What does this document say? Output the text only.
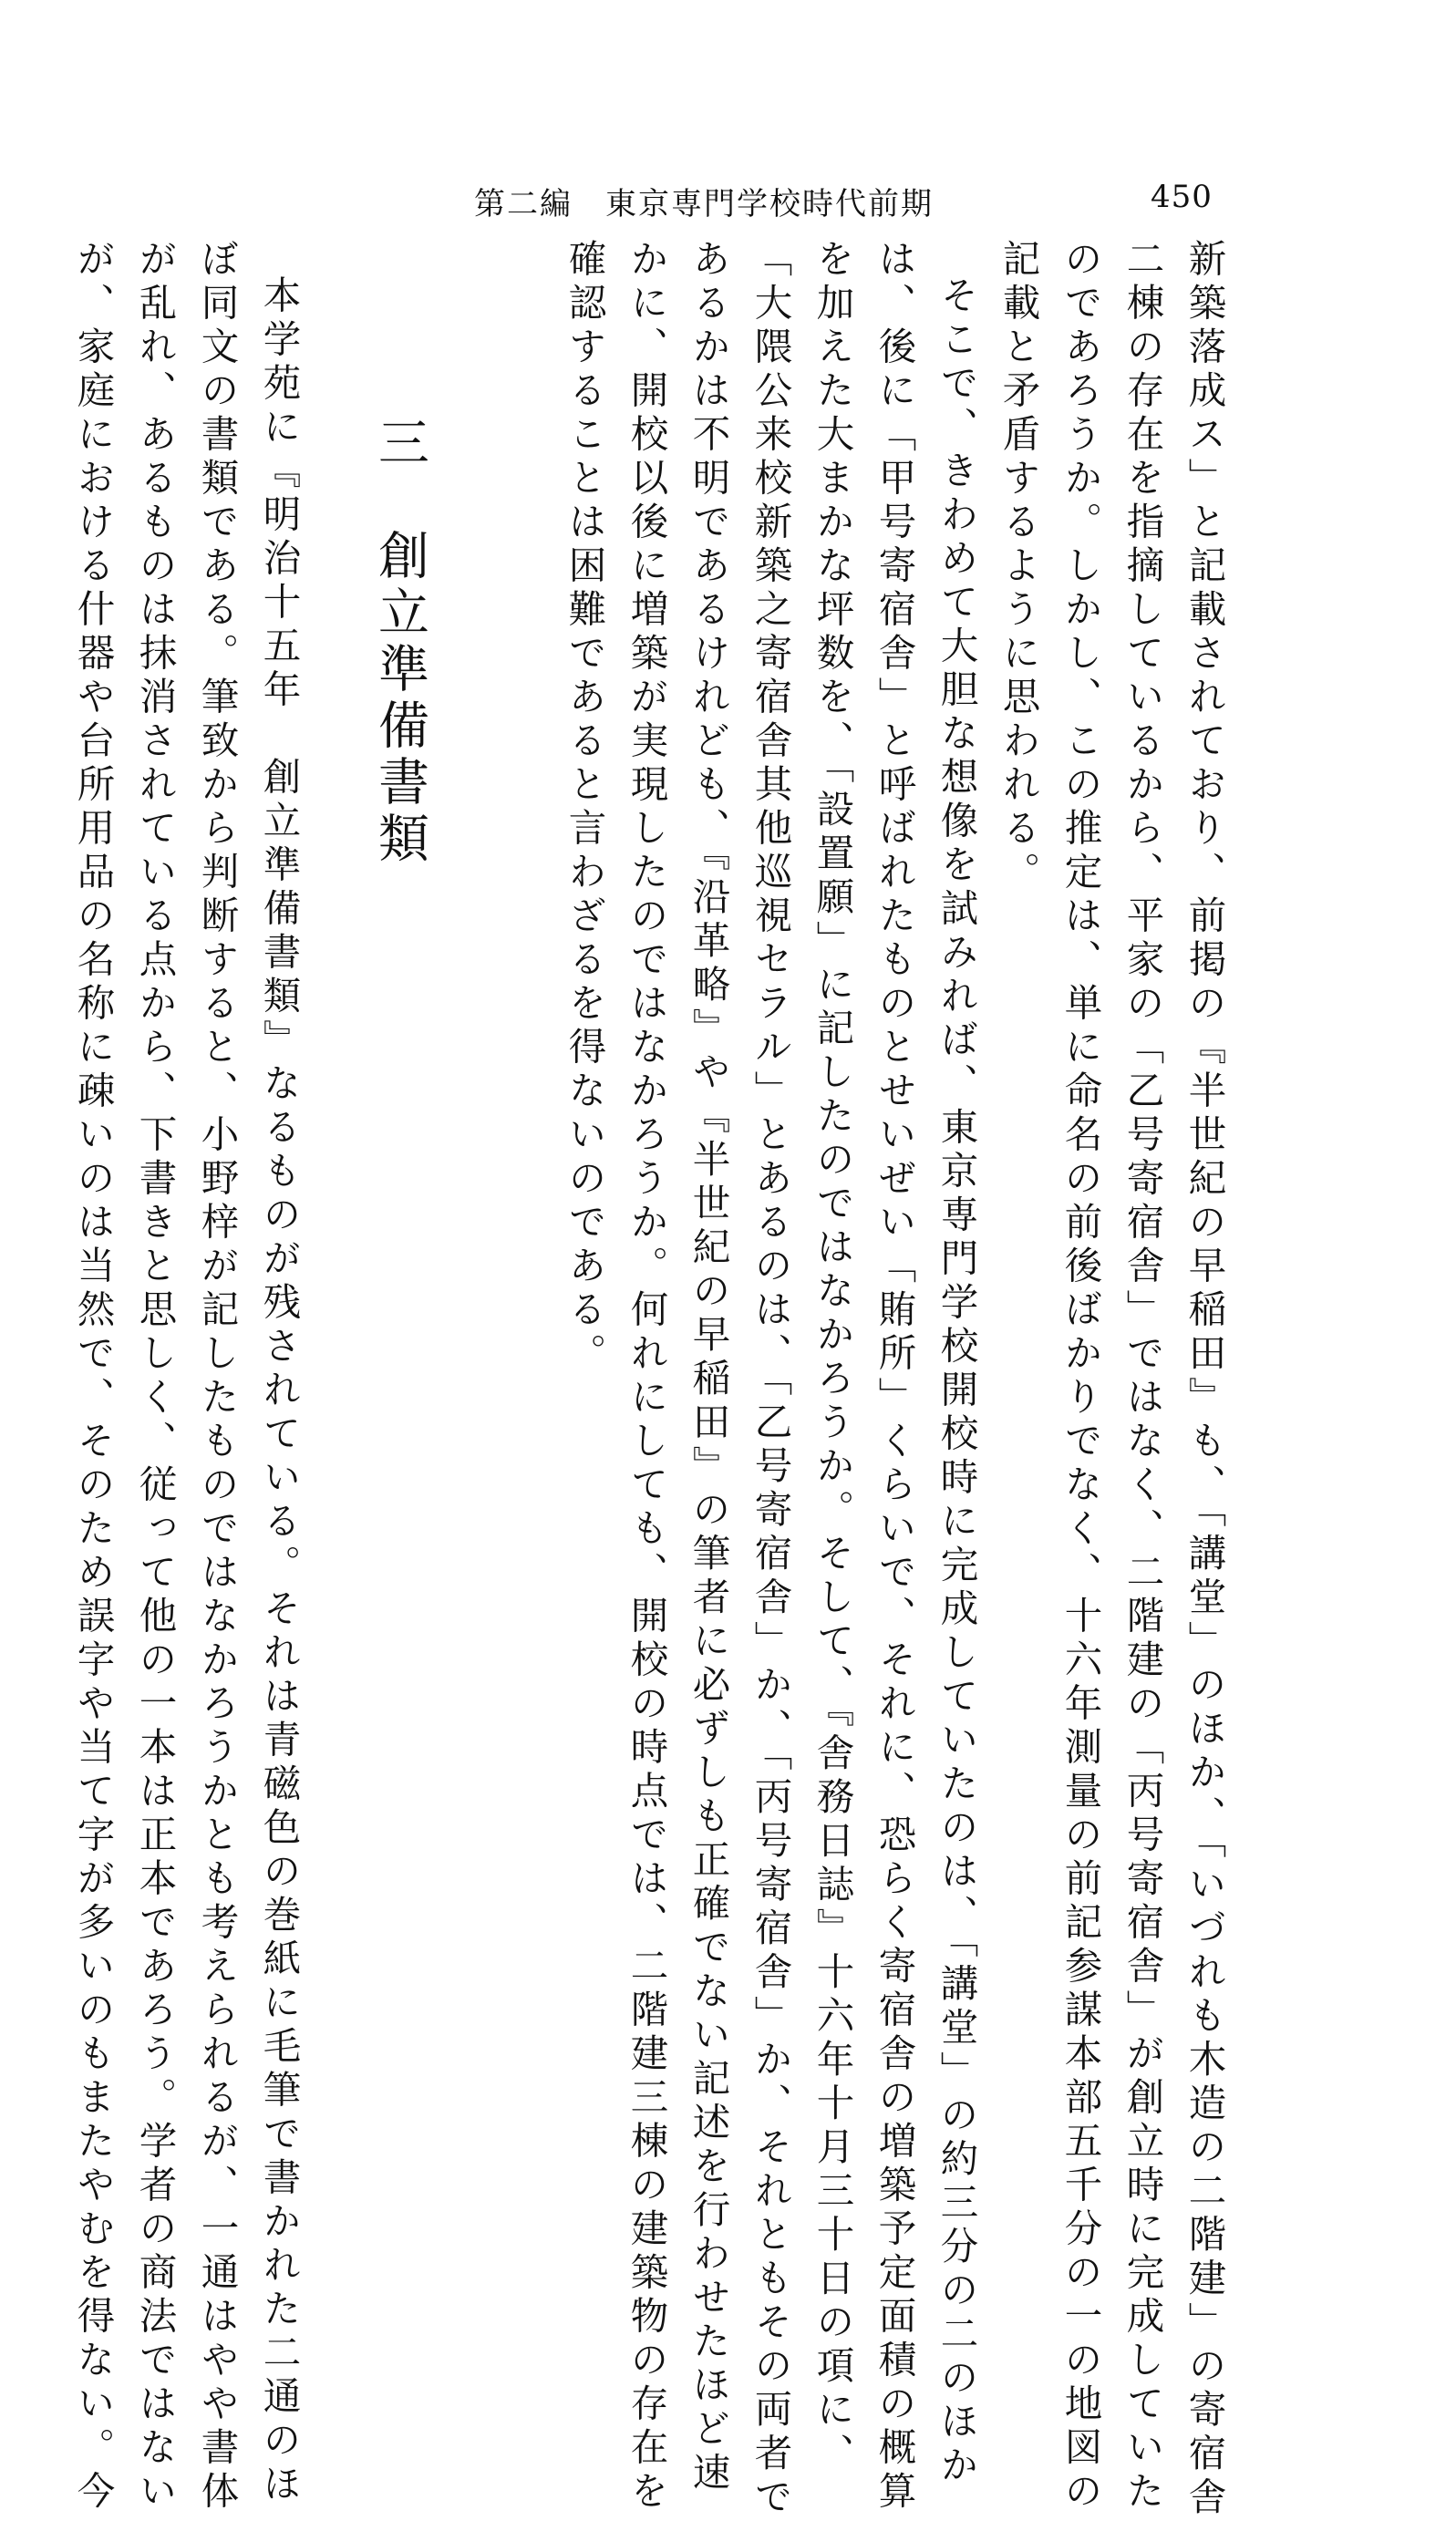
第二編　東京専門学校時代前期	450
新築落成ス」と記載されており、前掲の『半世紀の早稲田』も、「講堂」のほか、「いづれも木造の二階建」の寄宿舎
二棟の存在を指摘しているから、平家の「乙号寄宿舎」ではなく、二階建の「丙号寄宿舎」が創立時に完成していた
のであろうか。しかし、この推定は、単に命名の前後ばかりでなく、十六年測量の前記参謀本部五千分の一の地図の
記載と矛盾するように思われる。
そこで、きわめて大胆な想像を試みれば、東京専門学校開校時に完成していたのは、「講堂」の約三分の二のほか
は、後に「甲号寄宿舎」と呼ばれたものとせいぜい「賄所」くらいで、それに、恐らく寄宿舎の増築予定面積の概算
を加えた大まかな坪数を、「設置願」に記したのではなかろうか。そして、『舎務日誌』十六年十月三十日の項に、
「大隈公来校新築之寄宿舎其他巡視セラル」とあるのは、「乙号寄宿舎」か、「丙号寄宿舎」か、それともその両者で
あるかは不明であるけれども、『沿革略』や『半世紀の早稲田』の筆者に必ずしも正確でない記述を行わせたほど速
かに、開校以後に増築が実現したのではなかろうか。何れにしても、開校の時点では、二階建三棟の建築物の存在を
確認することは困難であると言わざるを得ないのである。
三　創立準備書類
本学苑に『明治十五年　創立準備書類』なるものが残されている。それは青磁色の巻紙に毛筆で書かれた二通のほ
ぼ同文の書類である。筆致から判断すると、小野梓が記したものではなかろうかとも考えられるが、一通はやや書体
が乱れ、あるものは抹消されている点から、下書きと思しく、従って他の一本は正本であろう。学者の商法ではない
が、家庭における什器や台所用品の名称に疎いのは当然で、そのため誤字や当て字が多いのもまたやむを得ない。今
